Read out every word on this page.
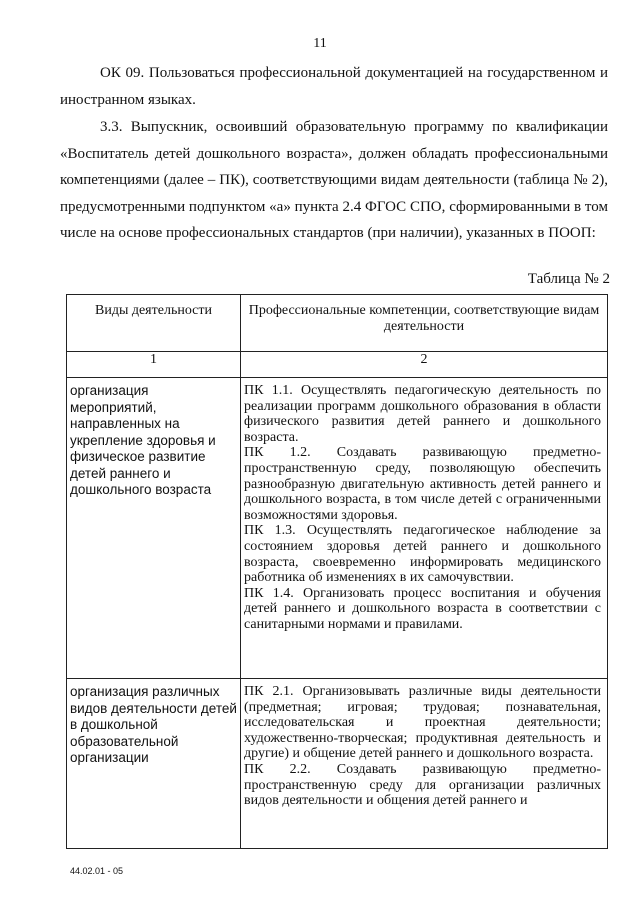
11
ОК 09. Пользоваться профессиональной документацией на государственном и иностранном языках.
3.3. Выпускник, освоивший образовательную программу по квалификации «Воспитатель детей дошкольного возраста», должен обладать профессиональными компетенциями (далее – ПК), соответствующими видам деятельности (таблица № 2), предусмотренными подпунктом «а» пункта 2.4 ФГОС СПО, сформированными в том числе на основе профессиональных стандартов (при наличии), указанных в ПООП:
Таблица № 2
Виды деятельности	Профессиональные компетенции, соответствующие видам деятельности
1	2
организация мероприятий, направленных на укрепление здоровья и физическое развитие детей раннего и дошкольного возраста	ПК 1.1. Осуществлять педагогическую деятельность по реализации программ дошкольного образования в области физического развития детей раннего и дошкольного возраста.
ПК 1.2. Создавать развивающую предметно-пространственную среду, позволяющую обеспечить разнообразную двигательную активность детей раннего и дошкольного возраста, в том числе детей с ограниченными возможностями здоровья.
ПК 1.3. Осуществлять педагогическое наблюдение за состоянием здоровья детей раннего и дошкольного возраста, своевременно информировать медицинского работника об изменениях в их самочувствии.
ПК 1.4. Организовать процесс воспитания и обучения детей раннего и дошкольного возраста в соответствии с санитарными нормами и правилами.

организация различных видов деятельности детей в дошкольной образовательной организации	ПК 2.1. Организовывать различные виды деятельности (предметная; игровая; трудовая; познавательная, исследовательская и проектная деятельности; художественно-творческая; продуктивная деятельность и другие) и общение детей раннего и дошкольного возраста.
ПК 2.2. Создавать развивающую предметно-пространственную среду для организации различных видов деятельности и общения детей раннего и
44.02.01 - 05
